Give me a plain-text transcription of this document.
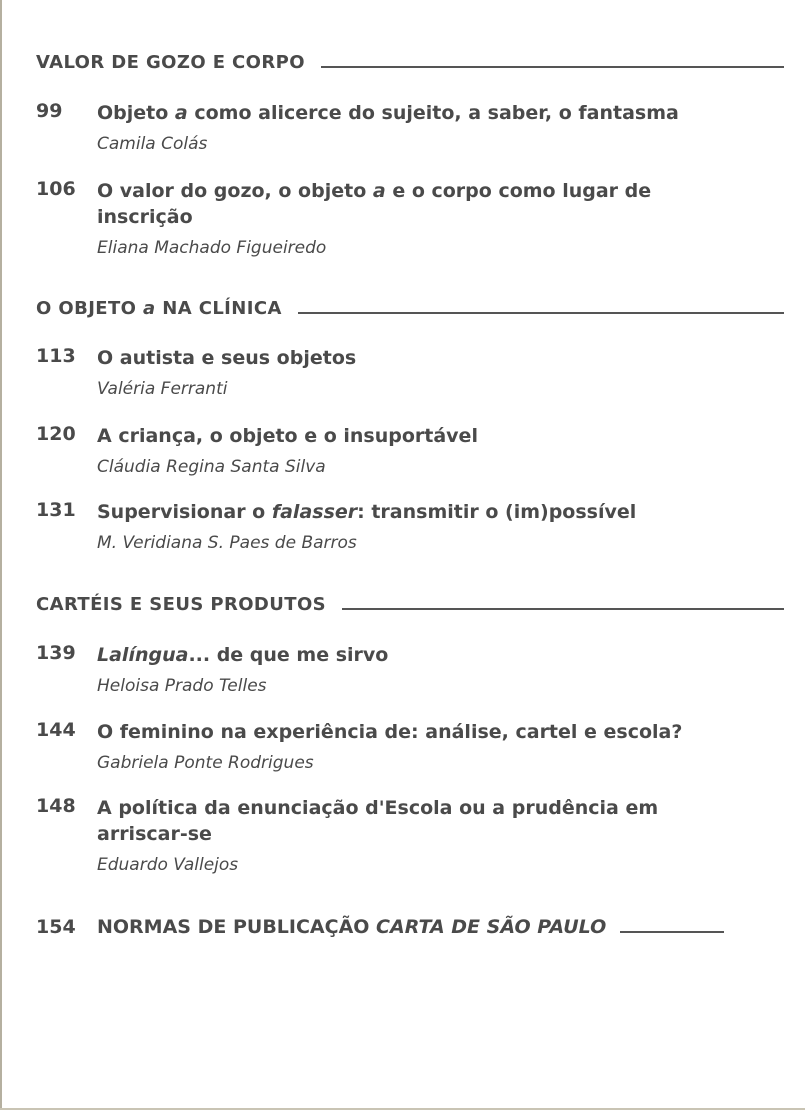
VALOR DE GOZO E CORPO
99 Objeto a como alicerce do sujeito, a saber, o fantasma
Camila Colás
106 O valor do gozo, o objeto a e o corpo como lugar de inscrição
Eliana Machado Figueiredo
O OBJETO a NA CLÍNICA
113 O autista e seus objetos
Valéria Ferranti
120 A criança, o objeto e o insuportável
Cláudia Regina Santa Silva
131 Supervisionar o falasser: transmitir o (im)possível
M. Veridiana S. Paes de Barros
CARTÉIS E SEUS PRODUTOS
139 Lalíngua... de que me sirvo
Heloisa Prado Telles
144 O feminino na experiência de: análise, cartel e escola?
Gabriela Ponte Rodrigues
148 A política da enunciação d'Escola ou a prudência em arriscar-se
Eduardo Vallejos
154	NORMAS DE PUBLICAÇÃO CARTA DE SÃO PAULO
